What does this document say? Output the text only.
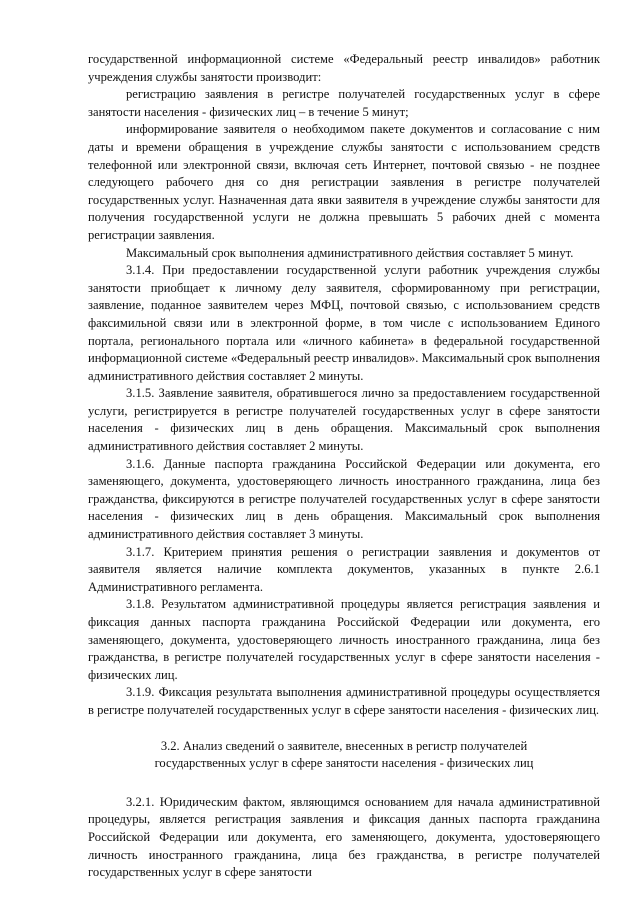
государственной информационной системе «Федеральный реестр инвалидов» работник учреждения службы занятости производит:

регистрацию заявления в регистре получателей государственных услуг в сфере занятости населения - физических лиц – в течение 5 минут;

информирование заявителя о необходимом пакете документов и согласование с ним даты и времени обращения в учреждение службы занятости с использованием средств телефонной или электронной связи, включая сеть Интернет, почтовой связью - не позднее следующего рабочего дня со дня регистрации заявления в регистре получателей государственных услуг. Назначенная дата явки заявителя в учреждение службы занятости для получения государственной услуги не должна превышать 5 рабочих дней с момента регистрации заявления.

Максимальный срок выполнения административного действия составляет 5 минут.

3.1.4. При предоставлении государственной услуги работник учреждения службы занятости приобщает к личному делу заявителя, сформированному при регистрации, заявление, поданное заявителем через МФЦ, почтовой связью, с использованием средств факсимильной связи или в электронной форме, в том числе с использованием Единого портала, регионального портала или «личного кабинета» в федеральной государственной информационной системе «Федеральный реестр инвалидов». Максимальный срок выполнения административного действия составляет 2 минуты.

3.1.5. Заявление заявителя, обратившегося лично за предоставлением государственной услуги, регистрируется в регистре получателей государственных услуг в сфере занятости населения - физических лиц в день обращения. Максимальный срок выполнения административного действия составляет 2 минуты.

3.1.6. Данные паспорта гражданина Российской Федерации или документа, его заменяющего, документа, удостоверяющего личность иностранного гражданина, лица без гражданства, фиксируются в регистре получателей государственных услуг в сфере занятости населения - физических лиц в день обращения. Максимальный срок выполнения административного действия составляет 3 минуты.

3.1.7. Критерием принятия решения о регистрации заявления и документов от заявителя является наличие комплекта документов, указанных в пункте 2.6.1 Административного регламента.

3.1.8. Результатом административной процедуры является регистрация заявления и фиксация данных паспорта гражданина Российской Федерации или документа, его заменяющего, документа, удостоверяющего личность иностранного гражданина, лица без гражданства, в регистре получателей государственных услуг в сфере занятости населения - физических лиц.

3.1.9. Фиксация результата выполнения административной процедуры осуществляется в регистре получателей государственных услуг в сфере занятости населения - физических лиц.

3.2. Анализ сведений о заявителе, внесенных в регистр получателей
государственных услуг в сфере занятости населения - физических лиц

3.2.1. Юридическим фактом, являющимся основанием для начала административной процедуры, является регистрация заявления и фиксация данных паспорта гражданина Российской Федерации или документа, его заменяющего, документа, удостоверяющего личность иностранного гражданина, лица без гражданства, в регистре получателей государственных услуг в сфере занятости
